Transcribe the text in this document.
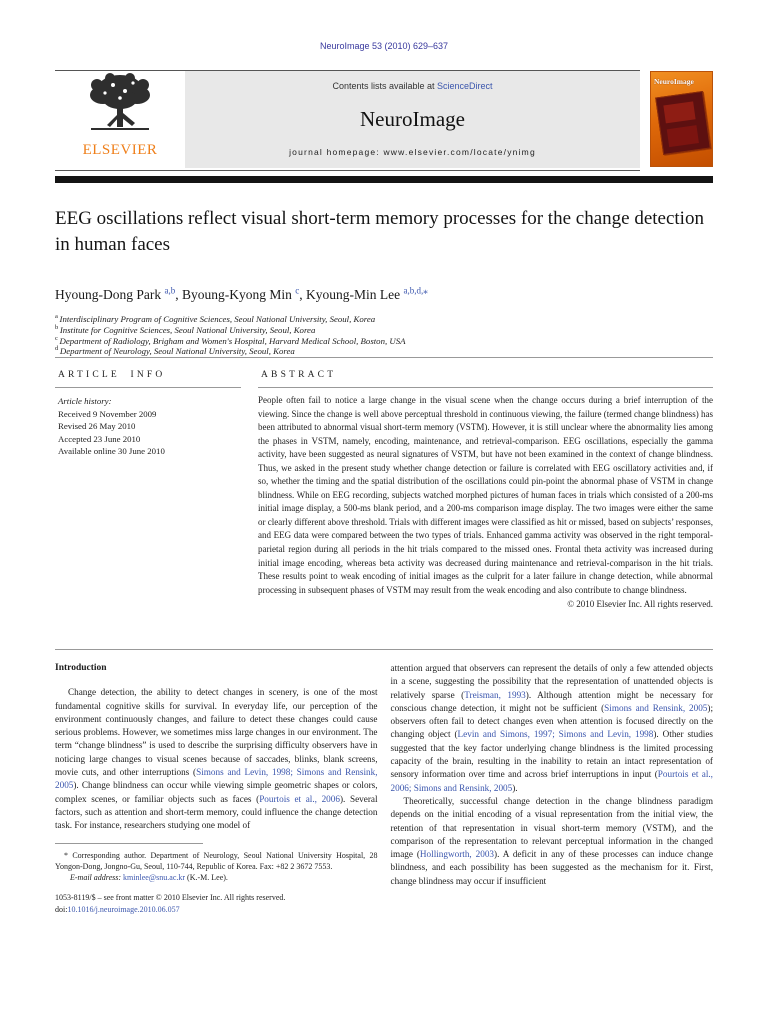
NeuroImage 53 (2010) 629–637
ELSEVIER
Contents lists available at ScienceDirect
NeuroImage
journal homepage: www.elsevier.com/locate/ynimg
NeuroImage
EEG oscillations reflect visual short-term memory processes for the change detection in human faces
Hyoung-Dong Park $^{a,b}$, Byoung-Kyong Min $^c$, Kyoung-Min Lee $^{a,b,d,⁎}$
$^a$ Interdisciplinary Program of Cognitive Sciences, Seoul National University, Seoul, Korea
$^b$ Institute for Cognitive Sciences, Seoul National University, Seoul, Korea
$^c$ Department of Radiology, Brigham and Women's Hospital, Harvard Medical School, Boston, USA
$^d$ Department of Neurology, Seoul National University, Seoul, Korea
ARTICLE INFO	ABSTRACT
Article history:
Received 9 November 2009
Revised 26 May 2010
Accepted 23 June 2010
Available online 30 June 2010
People often fail to notice a large change in the visual scene when the change occurs during a brief interruption of the viewing. Since the change is well above perceptual threshold in continuous viewing, the failure (termed change blindness) has been attributed to abnormal visual short-term memory (VSTM). However, it is still unclear where the abnormality lies among the phases in VSTM, namely, encoding, maintenance, and retrieval-comparison. EEG oscillations, especially the gamma activity, have been suggested as neural signatures of VSTM, but have not been examined in the context of change blindness. Thus, we asked in the present study whether change detection or failure is correlated with EEG oscillatory activities and, if so, whether the timing and the spatial distribution of the oscillations could pin-point the abnormal phase of VSTM in change blindness. While on EEG recording, subjects watched morphed pictures of human faces in trials which consisted of a 200-ms initial image display, a 500-ms blank period, and a 200-ms comparison image display. The two images were either the same or clearly different above threshold. Trials with different images were classified as hit or missed, based on subjects’ responses, and EEG data were compared between the two types of trials. Enhanced gamma activity was observed in the right temporal-parietal region during all periods in the hit trials compared to the missed ones. Frontal theta activity was increased during initial image encoding, whereas beta activity was decreased during maintenance and retrieval-comparison in the hit trials. These results point to weak encoding of initial images as the culprit for a later failure in change detection, while abnormal processing in subsequent phases of VSTM may result from the weak encoding and also contribute to change blindness.
© 2010 Elsevier Inc. All rights reserved.
Introduction
Change detection, the ability to detect changes in scenery, is one of the most fundamental cognitive skills for survival. In everyday life, our perception of the environment continuously changes, and failure to detect these changes could cause serious problems. However, we sometimes miss large changes in our environment. The term “change blindness” is used to describe the surprising difficulty observers have in noticing large changes to visual scenes because of saccades, blinks, blank screens, movie cuts, and other interruptions (Simons and Levin, 1998; Simons and Rensink, 2005). Change blindness can occur while viewing simple geometric shapes or colors, complex scenes, or familiar objects such as faces (Pourtois et al., 2006). Several factors, such as attention and short-term memory, could influence the change detection task. For instance, researchers studying one model of
* Corresponding author. Department of Neurology, Seoul National University Hospital, 28 Yongon-Dong, Jongno-Gu, Seoul, 110-744, Republic of Korea. Fax: +82 2 3672 7553.
E-mail address: kminlee@snu.ac.kr (K.-M. Lee).
1053-8119/$ – see front matter © 2010 Elsevier Inc. All rights reserved.
doi:10.1016/j.neuroimage.2010.06.057
attention argued that observers can represent the details of only a few attended objects in a scene, suggesting the possibility that the representation of unattended objects is relatively sparse (Treisman, 1993). Although attention might be necessary for conscious change detection, it might not be sufficient (Simons and Rensink, 2005); observers often fail to detect changes even when attention is focused directly on the changing object (Levin and Simons, 1997; Simons and Levin, 1998). Other studies suggested that the key factor underlying change blindness is the limited processing capacity of the brain, resulting in the inability to retain an intact representation of sensory information over time and across brief interruptions in input (Pourtois et al., 2006; Simons and Rensink, 2005).
Theoretically, successful change detection in the change blindness paradigm depends on the initial encoding of a visual representation from the initial view, the retention of that representation in visual short-term memory (VSTM), and the comparison of the representation to relevant perceptual information in the changed image (Hollingworth, 2003). A deficit in any of these processes can induce change blindness, and each possibility has been suggested as the mechanism for it. First, change blindness may occur if insufficient
